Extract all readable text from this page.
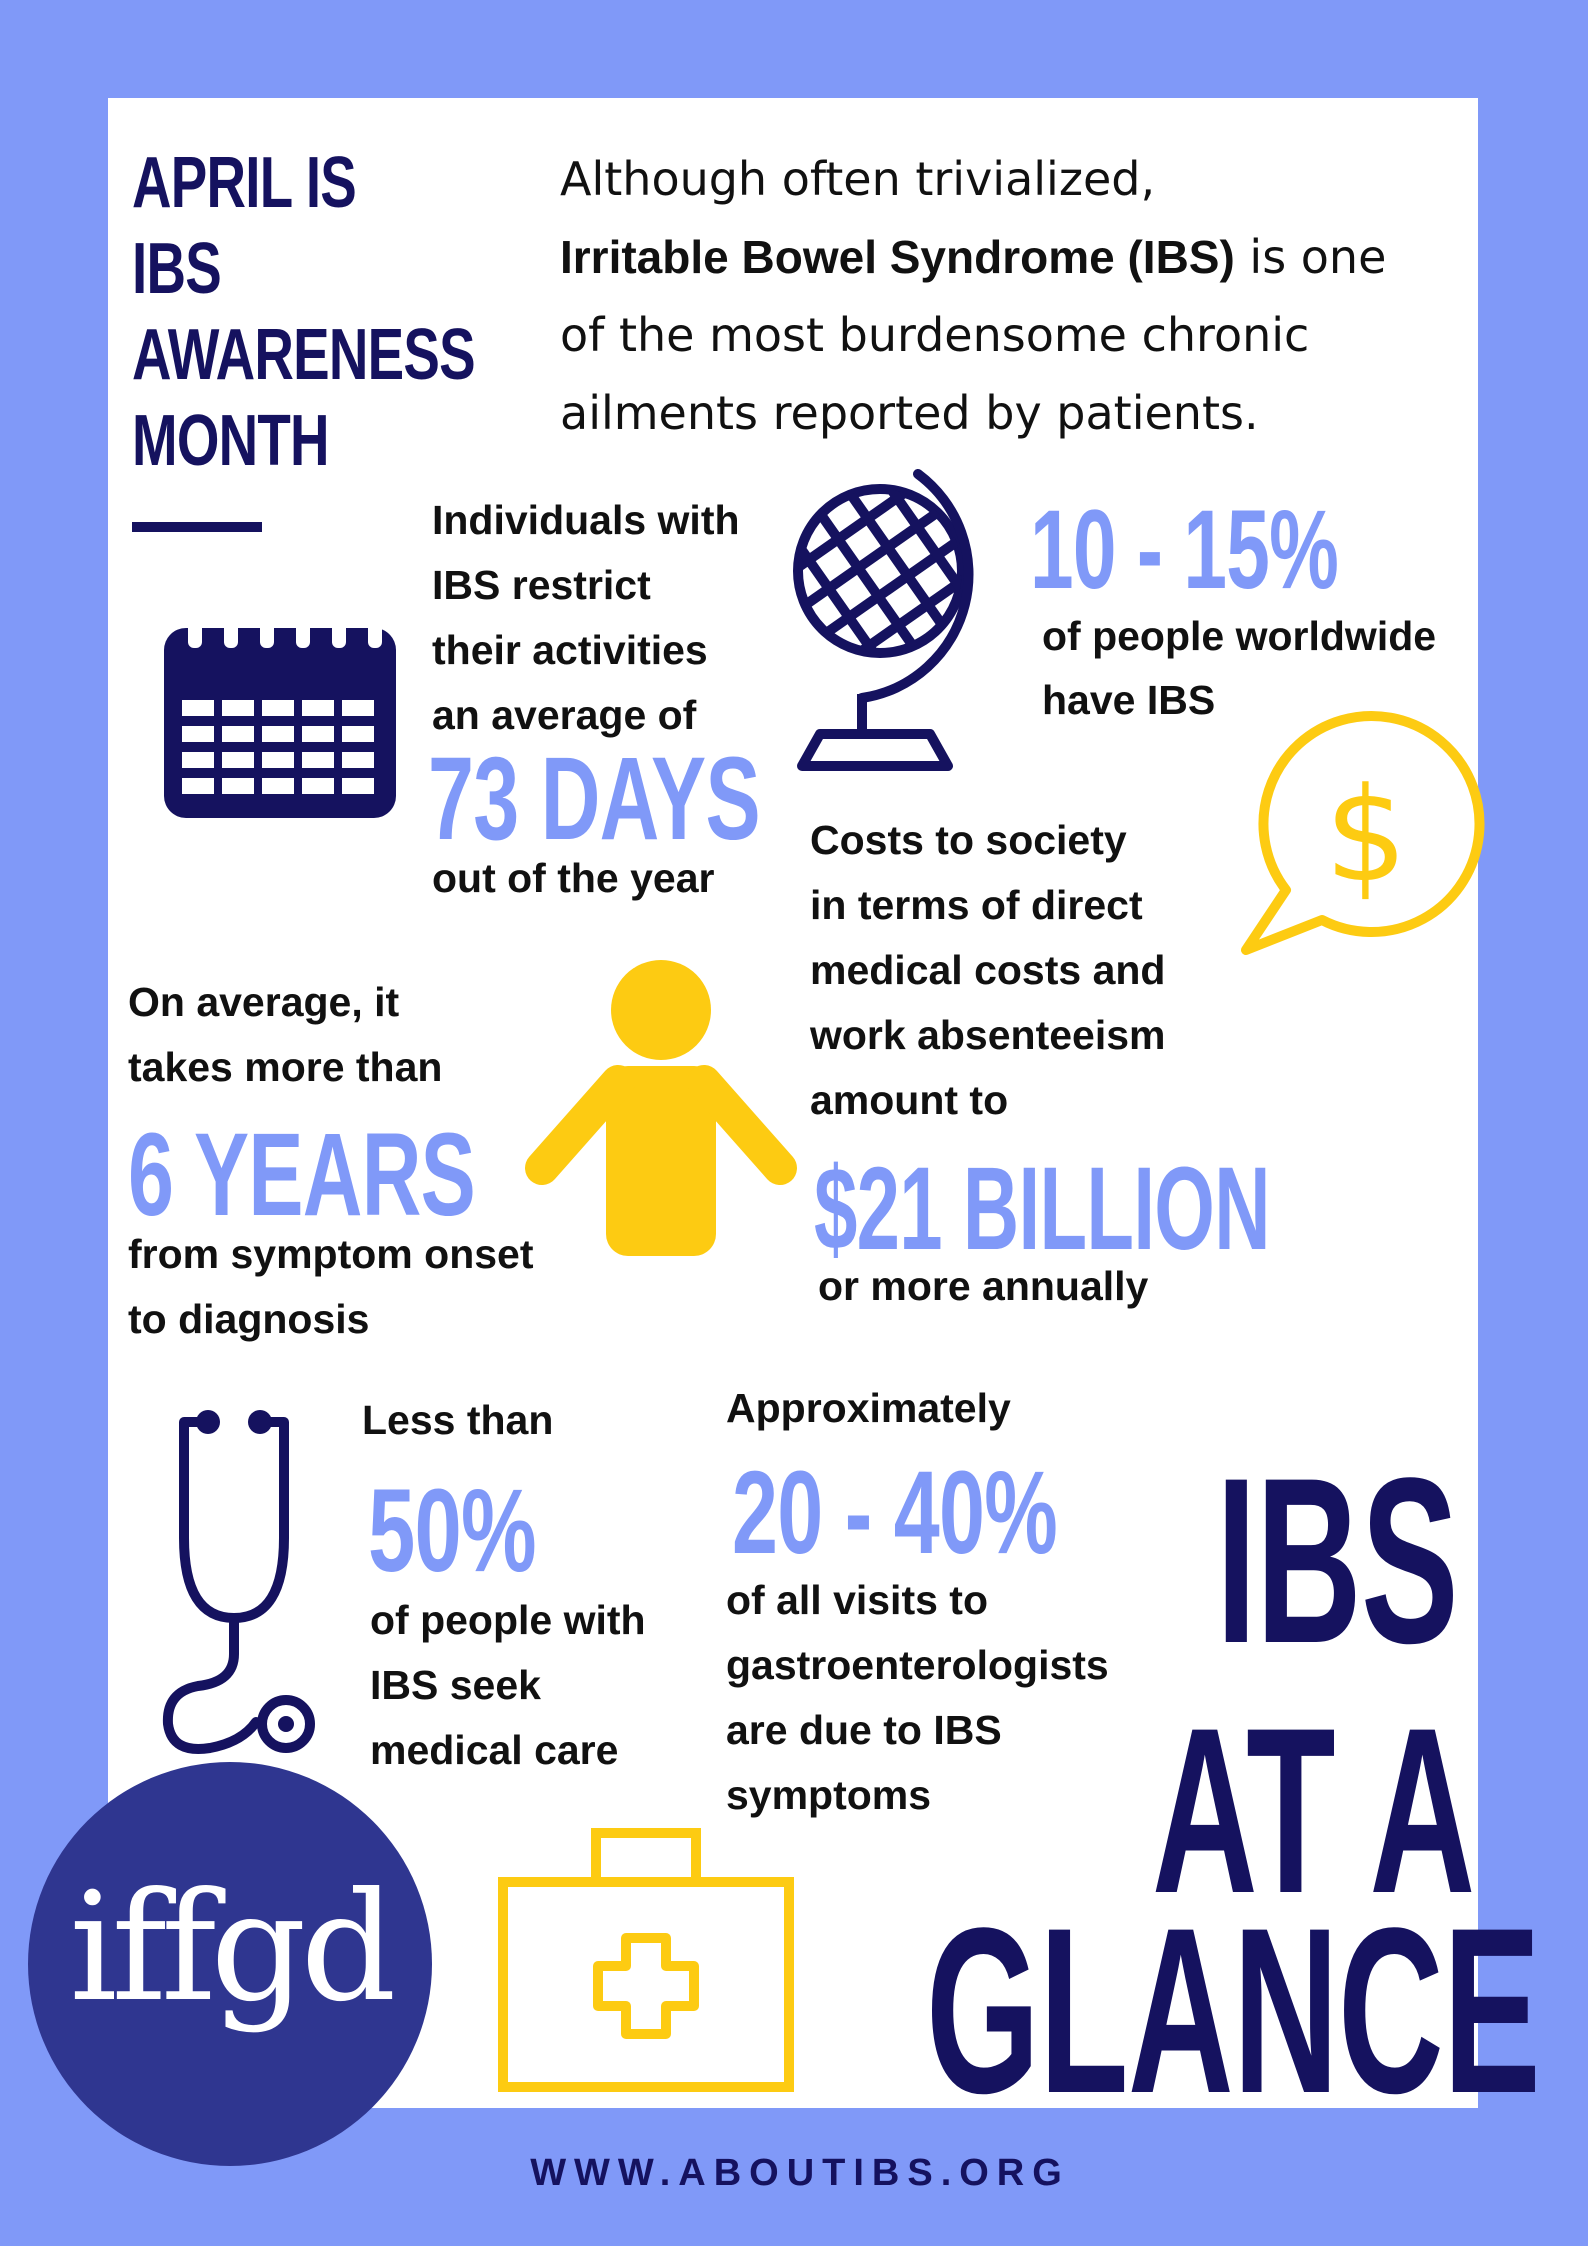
APRIL IS
IBS
AWARENESS
MONTH
Although often trivialized,
Irritable Bowel Syndrome (IBS) is one
of the most burdensome chronic
ailments reported by patients.
Individuals with
IBS restrict
their activities
an average of
73 DAYS
out of the year
10 - 15%
of people worldwide
have IBS
$
Costs to society
in terms of direct
medical costs and
work absenteeism
amount to
$21 BILLION
or more annually
On average, it
takes more than
6 YEARS
from symptom onset
to diagnosis
Less than
50%
of people with
IBS seek
medical care
Approximately
20 - 40%
of all visits to
gastroenterologists
are due to IBS
symptoms
IBS
AT A
GLANCE
iffgd
WWW.ABOUTIBS.ORG
